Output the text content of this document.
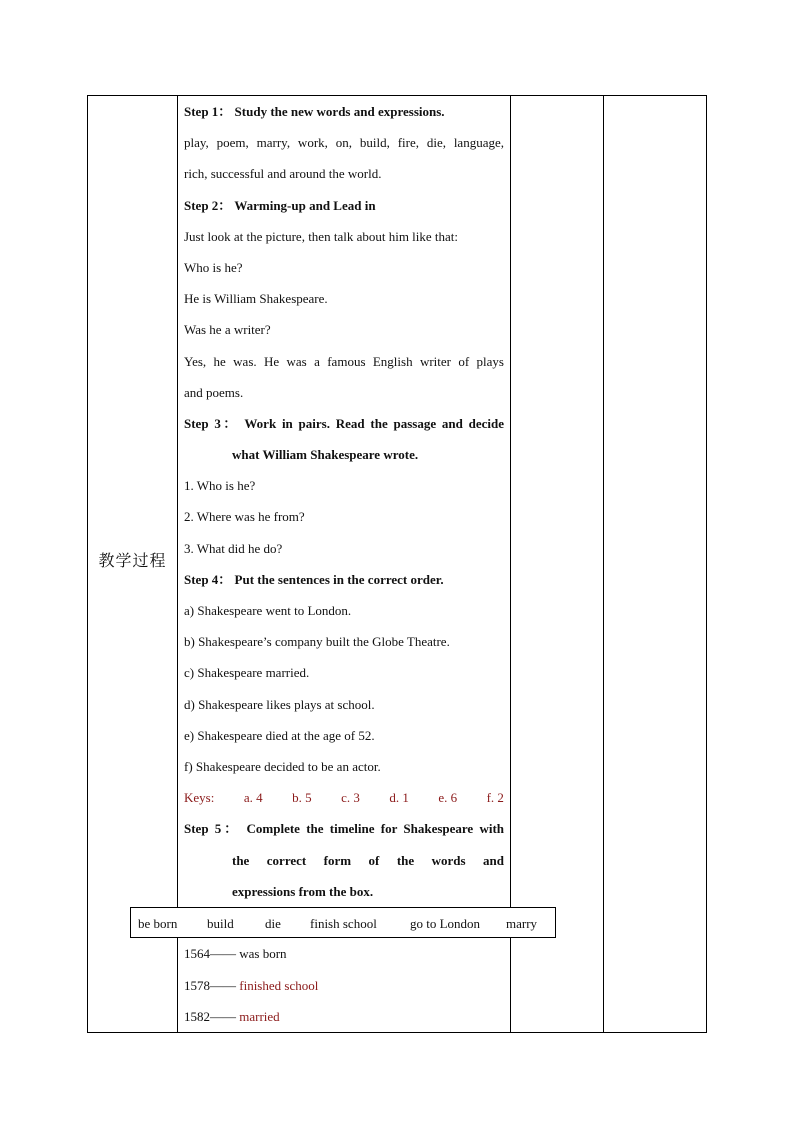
教学过程
Step 1： Study the new words and expressions.
play, poem, marry, work, on, build, fire, die, language,
rich, successful and around the world.
Step 2： Warming-up and Lead in
Just look at the picture, then talk about him like that:
Who is he?
He is William Shakespeare.
Was he a writer?
Yes, he was. He was a famous English writer of plays
and poems.
Step 3： Work in pairs. Read the passage and decide
what William Shakespeare wrote.
1. Who is he?
2. Where was he from?
3. What did he do?
Step 4： Put the sentences in the correct order.
a) Shakespeare went to London.
b) Shakespeare’s company built the Globe Theatre.
c) Shakespeare married.
d) Shakespeare likes plays at school.
e) Shakespeare died at the age of 52.
f) Shakespeare decided to be an actor.
Keys: a. 4 b. 5 c. 3 d. 1 e. 6 f. 2
Step 5： Complete the timeline for Shakespeare with
the correct form of the words and
expressions from the box.
be born build die finish school	go to London marry
1564—— was born
1578—— finished school
1582—— married
